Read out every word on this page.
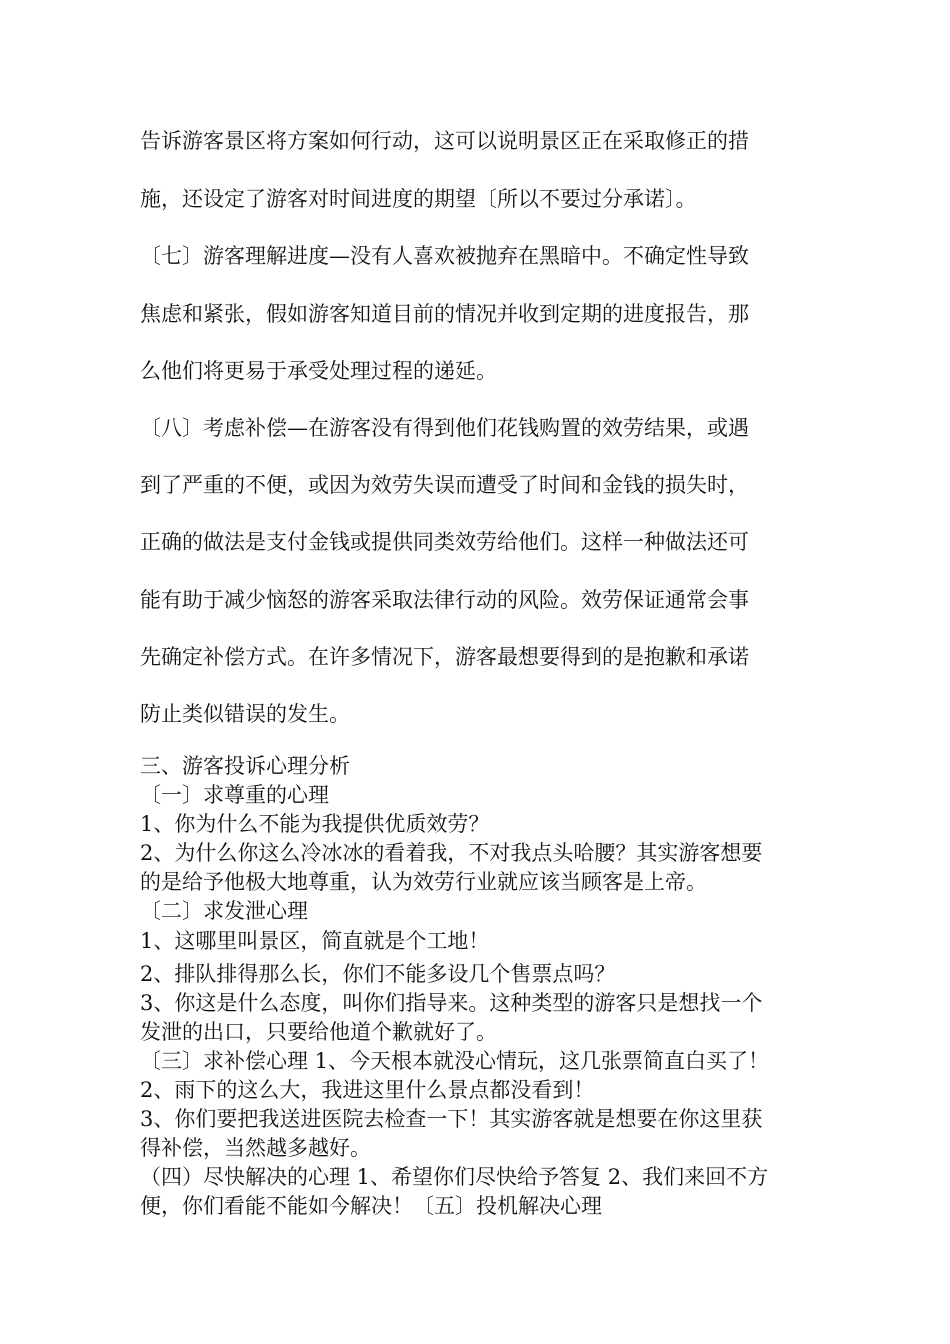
告诉游客景区将方案如何行动，这可以说明景区正在采取修正的措
施，还设定了游客对时间进度的期望〔所以不要过分承诺〕。
〔七〕游客理解进度—没有人喜欢被抛弃在黑暗中。不确定性导致
焦虑和紧张，假如游客知道目前的情况并收到定期的进度报告，那
么他们将更易于承受处理过程的递延。
〔八〕考虑补偿—在游客没有得到他们花钱购置的效劳结果，或遇
到了严重的不便，或因为效劳失误而遭受了时间和金钱的损失时，
正确的做法是支付金钱或提供同类效劳给他们。这样一种做法还可
能有助于减少恼怒的游客采取法律行动的风险。效劳保证通常会事
先确定补偿方式。在许多情况下，游客最想要得到的是抱歉和承诺
防止类似错误的发生。
三、游客投诉心理分析
〔一〕求尊重的心理
1、你为什么不能为我提供优质效劳？
2、为什么你这么冷冰冰的看着我，不对我点头哈腰？其实游客想要
的是给予他极大地尊重，认为效劳行业就应该当顾客是上帝。
〔二〕求发泄心理
1、这哪里叫景区，简直就是个工地！
2、排队排得那么长，你们不能多设几个售票点吗？
3、你这是什么态度，叫你们指导来。这种类型的游客只是想找一个
发泄的出口，只要给他道个歉就好了。
〔三〕求补偿心理 1、今天根本就没心情玩，这几张票简直白买了！
2、雨下的这么大，我进这里什么景点都没看到！
3、你们要把我送进医院去检查一下！其实游客就是想要在你这里获
得补偿，当然越多越好。
（四）尽快解决的心理 1、希望你们尽快给予答复 2、我们来回不方
便，你们看能不能如今解决！〔五〕投机解决心理
